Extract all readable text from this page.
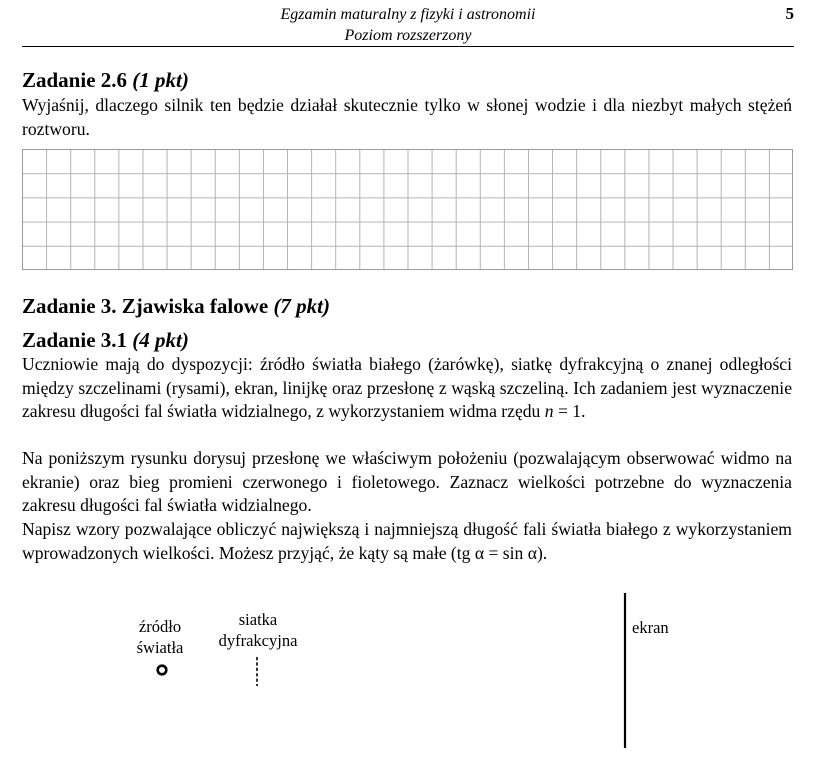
Egzamin maturalny z fizyki i astronomii
Poziom rozszerzony
5
Zadanie 2.6 (1 pkt)
Wyjaśnij, dlaczego silnik ten będzie działał skutecznie tylko w słonej wodzie i dla niezbyt małych stężeń roztworu.
Zadanie 3. Zjawiska falowe (7 pkt)
Zadanie 3.1 (4 pkt)
Uczniowie mają do dyspozycji: źródło światła białego (żarówkę), siatkę dyfrakcyjną o znanej odległości między szczelinami (rysami), ekran, linijkę oraz przesłonę z wąską szczeliną. Ich zadaniem jest wyznaczenie zakresu długości fal światła widzialnego, z wykorzystaniem widma rzędu n = 1.
Na poniższym rysunku dorysuj przesłonę we właściwym położeniu (pozwalającym obserwować widmo na ekranie) oraz bieg promieni czerwonego i fioletowego. Zaznacz wielkości potrzebne do wyznaczenia zakresu długości fal światła widzialnego.
Napisz wzory pozwalające obliczyć największą i najmniejszą długość fali światła białego z wykorzystaniem wprowadzonych wielkości. Możesz przyjąć, że kąty są małe (tg α = sin α).
źródło
światła
siatka
dyfrakcyjna
ekran
